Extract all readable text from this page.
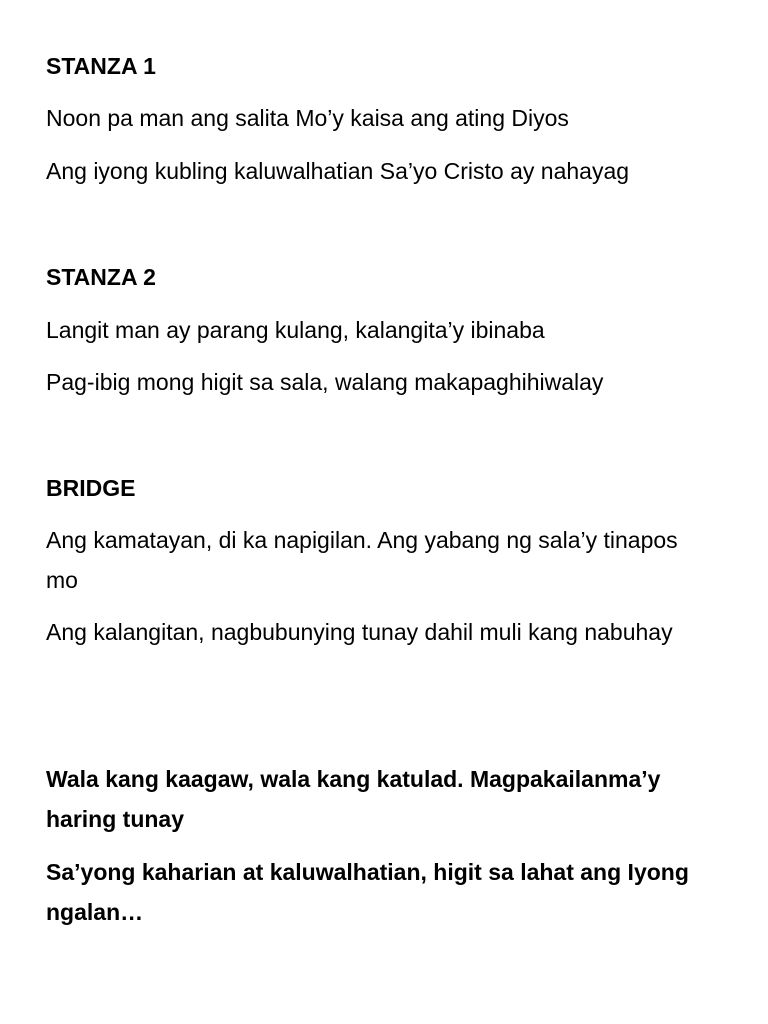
STANZA 1
Noon pa man ang salita Mo’y kaisa ang ating Diyos
Ang iyong kubling kaluwalhatian Sa’yo Cristo ay nahayag
STANZA 2
Langit man ay parang kulang, kalangita’y ibinaba
Pag-ibig mong higit sa sala, walang makapaghihiwalay
BRIDGE
Ang kamatayan, di ka napigilan. Ang yabang ng sala’y tinapos mo
Ang kalangitan, nagbubunying tunay dahil muli kang nabuhay
Wala kang kaagaw, wala kang katulad. Magpakailanma’y haring tunay
Sa’yong kaharian at kaluwalhatian, higit sa lahat ang Iyong ngalan…
